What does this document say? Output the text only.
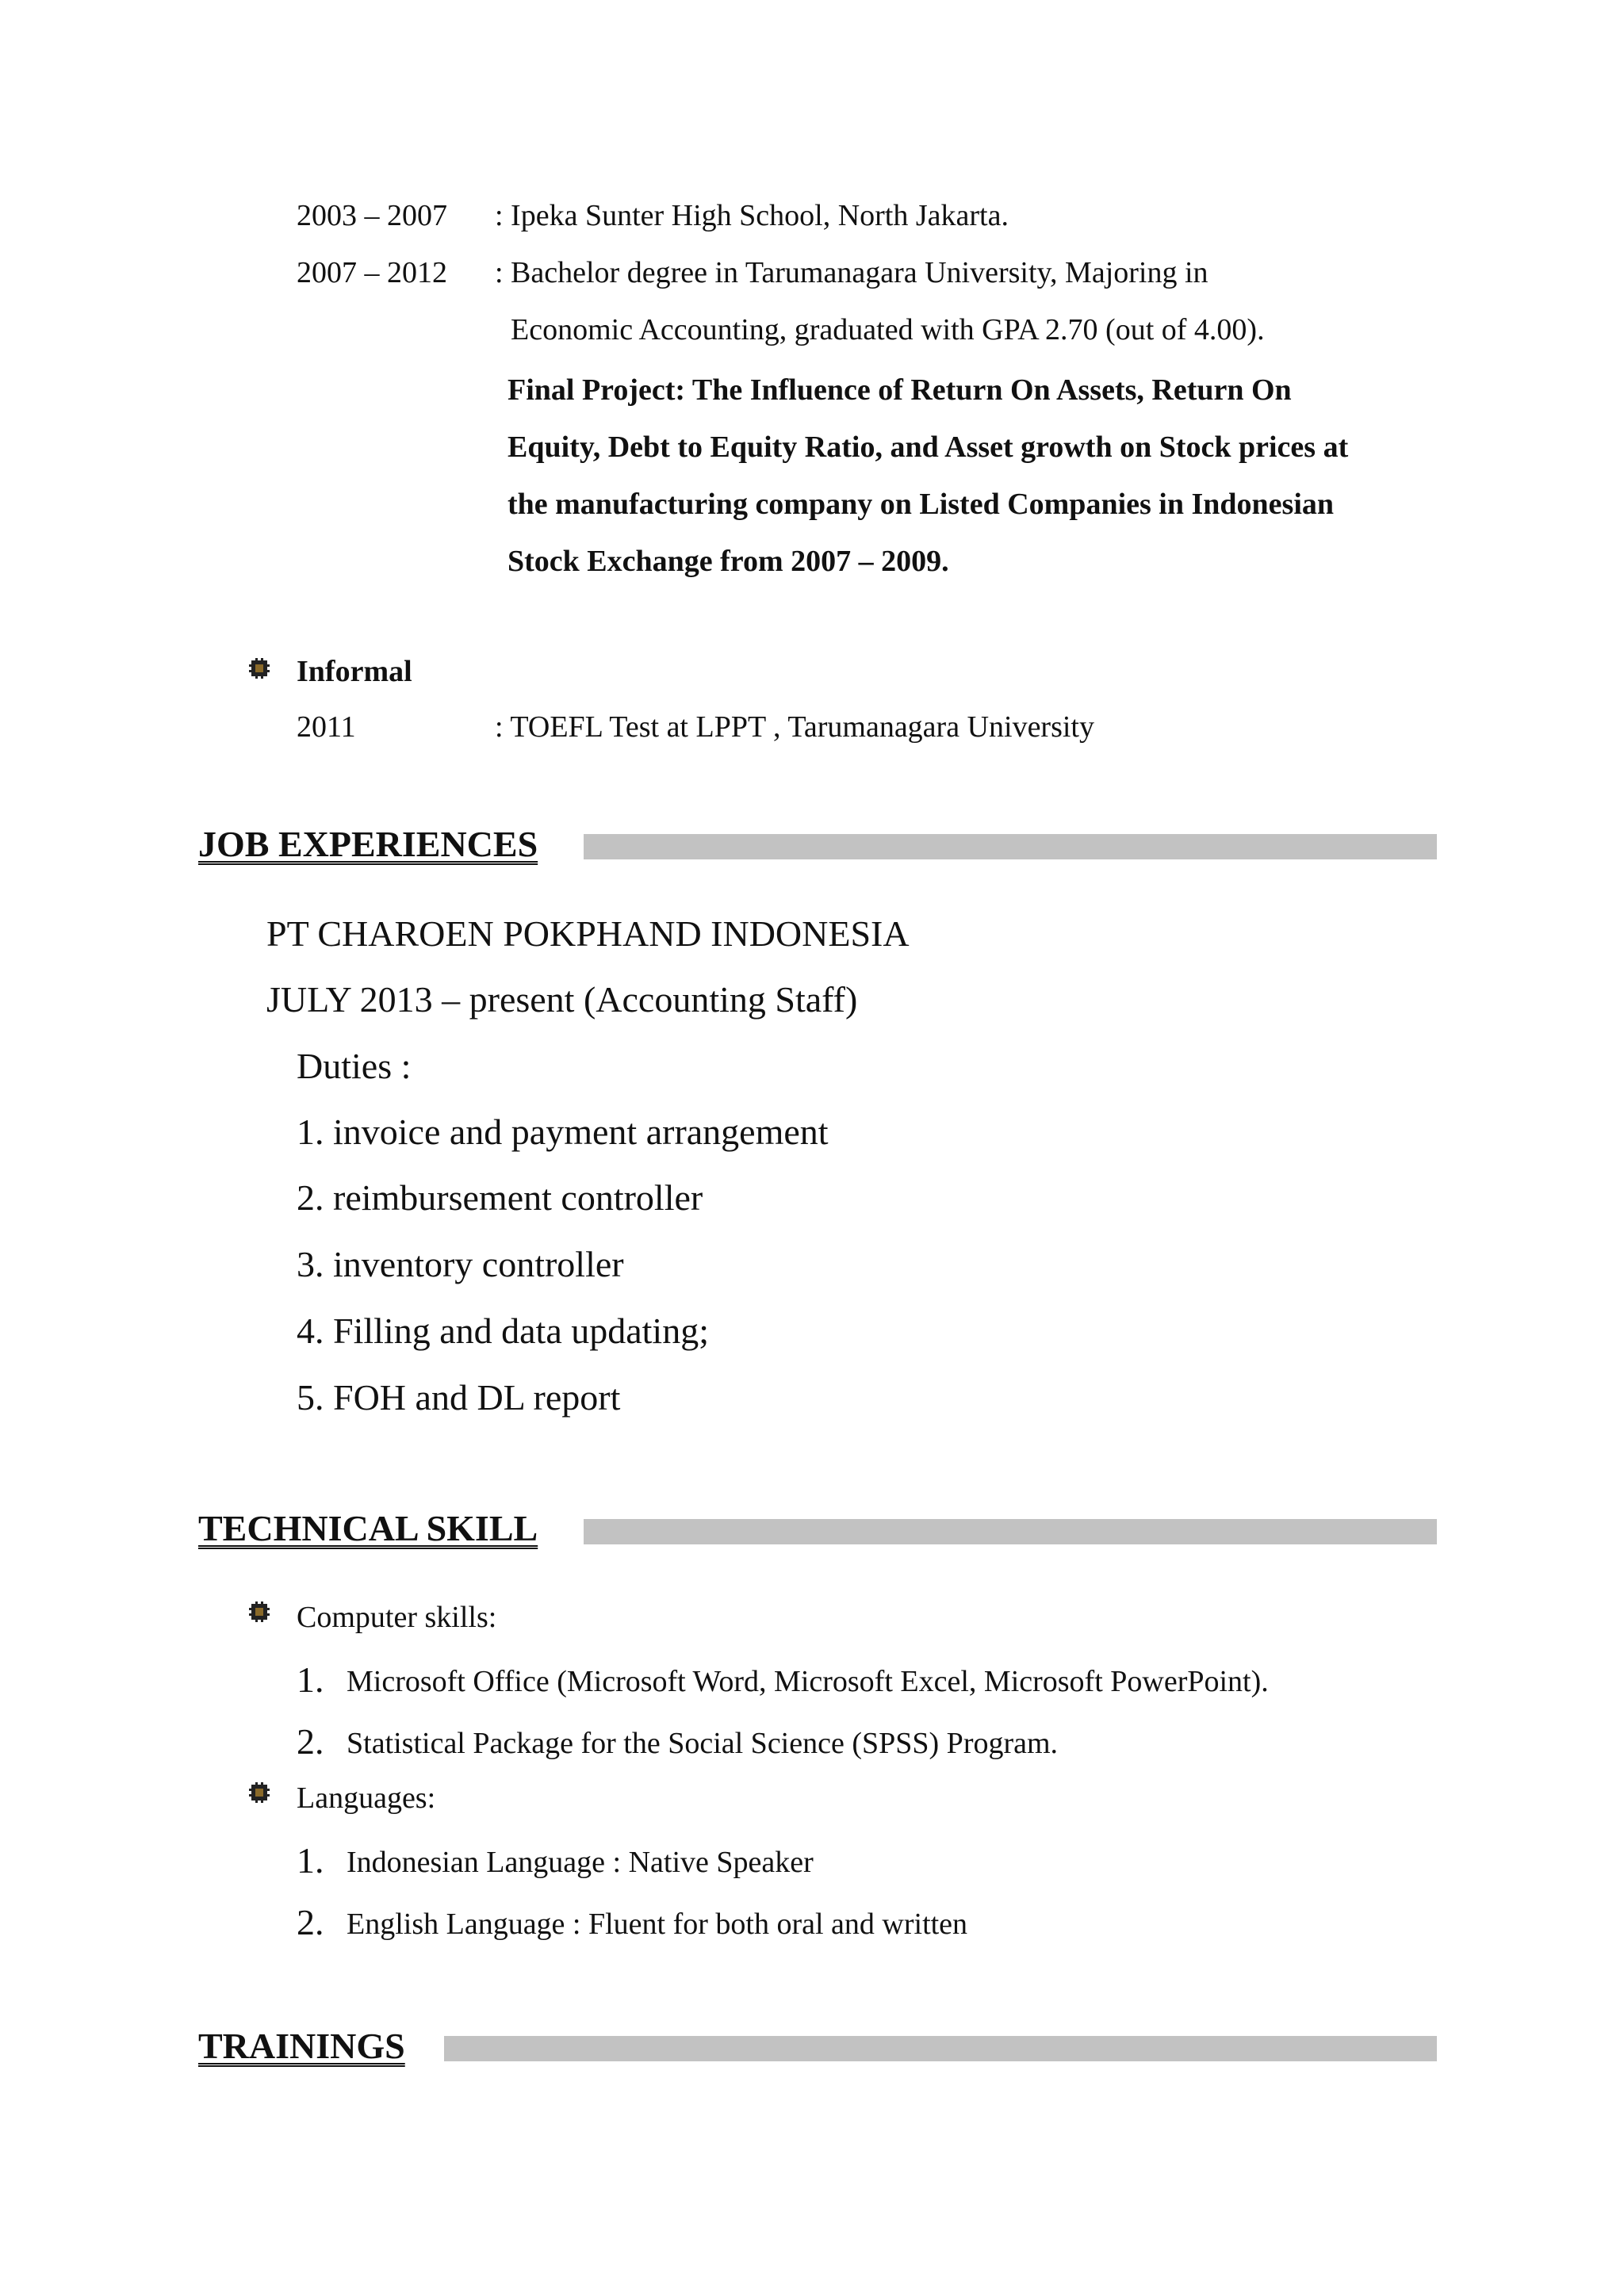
2003 – 2007 : Ipeka Sunter High School, North Jakarta.
2007 – 2012 : Bachelor degree in Tarumanagara University, Majoring in
Economic Accounting, graduated with GPA 2.70 (out of 4.00).
Final Project: The Influence of Return On Assets, Return On
Equity, Debt to Equity Ratio, and Asset growth on Stock prices at
the manufacturing company on Listed Companies in Indonesian
Stock Exchange from 2007 – 2009.
Informal
2011	: TOEFL Test at LPPT , Tarumanagara University
JOB EXPERIENCES
PT CHAROEN POKPHAND INDONESIA
JULY 2013 – present (Accounting Staff)
Duties :
1. invoice and payment arrangement
2. reimbursement controller
3. inventory controller
4. Filling and data updating;
5. FOH and DL report
TECHNICAL SKILL
Computer skills:
1. Microsoft Office (Microsoft Word, Microsoft Excel, Microsoft PowerPoint).
2. Statistical Package for the Social Science (SPSS) Program.
Languages:
1. Indonesian Language : Native Speaker
2. English Language : Fluent for both oral and written
TRAININGS
